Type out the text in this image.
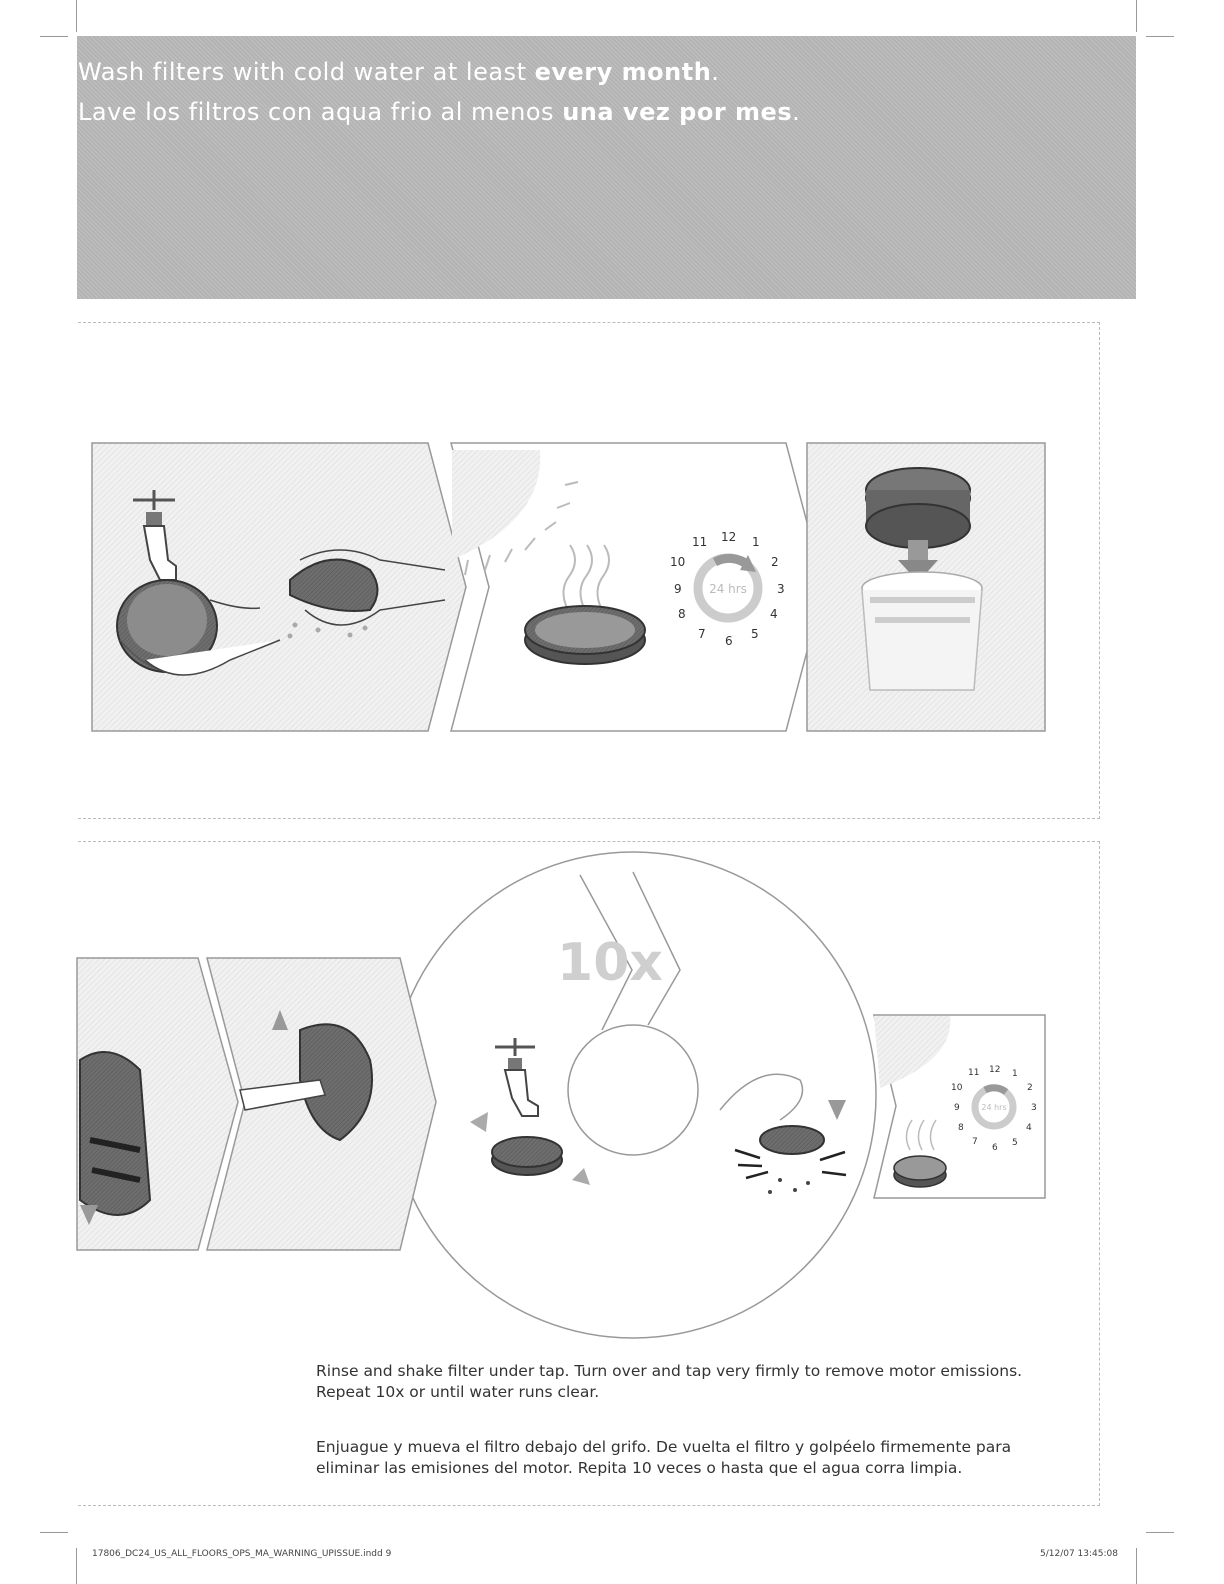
Wash filters with cold water at least every month.
Lave los filtros con aqua frio al menos una vez por mes.
12 1
2
3
4
5
6
7
8
9
10
11
24 hrs
12 1
2
3
4
5
6
7
8
9
10
11
24 hrs
10x
Rinse and shake filter under tap. Turn over and tap very firmly to remove motor emissions.
Repeat 10x or until water runs clear.
Enjuague y mueva el filtro debajo del grifo. De vuelta el filtro y golpéelo firmemente para
eliminar las emisiones del motor. Repita 10 veces o hasta que el agua corra limpia.
17806_DC24_US_ALL_FLOORS_OPS_MA_WARNING_UPISSUE.indd 9	5/12/07 13:45:08
